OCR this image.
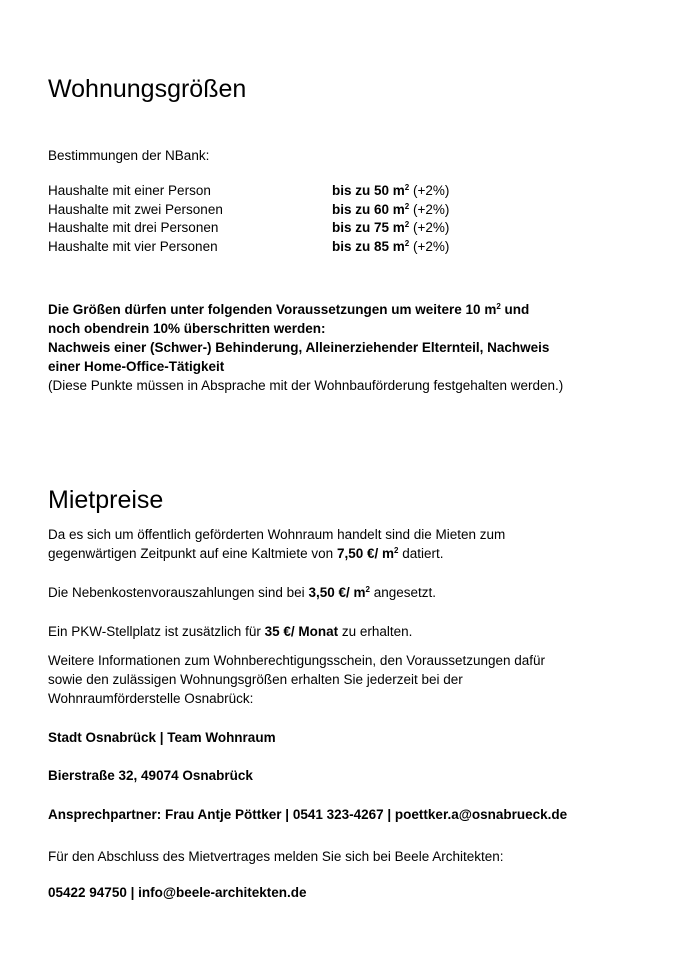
Wohnungsgrößen
Bestimmungen der NBank:
Haushalte mit einer Person	bis zu 50 $m^2$ (+2%)
Haushalte mit zwei Personen	bis zu 60 $m^2$ (+2%)
Haushalte mit drei Personen	bis zu 75 $m^2$ (+2%)
Haushalte mit vier Personen	bis zu 85 $m^2$ (+2%)
Die Größen dürfen unter folgenden Voraussetzungen um weitere 10 $m^2$ und
noch obendrein 10% überschritten werden:
Nachweis einer (Schwer-) Behinderung, Alleinerziehender Elternteil, Nachweis
einer Home-Office-Tätigkeit
(Diese Punkte müssen in Absprache mit der Wohnbauförderung festgehalten werden.)
Mietpreise
Da es sich um öffentlich geförderten Wohnraum handelt sind die Mieten zum
gegenwärtigen Zeitpunkt auf eine Kaltmiete von 7,50 €/ $m^2$ datiert.
Die Nebenkostenvorauszahlungen sind bei 3,50 €/ $m^2$ angesetzt.
Ein PKW-Stellplatz ist zusätzlich für 35 €/ Monat zu erhalten.
Weitere Informationen zum Wohnberechtigungsschein, den Voraussetzungen dafür
sowie den zulässigen Wohnungsgrößen erhalten Sie jederzeit bei der
Wohnraumförderstelle Osnabrück:
Stadt Osnabrück | Team Wohnraum
Bierstraße 32, 49074 Osnabrück
Ansprechpartner: Frau Antje Pöttker | 0541 323-4267 | poettker.a@osnabrueck.de
Für den Abschluss des Mietvertrages melden Sie sich bei Beele Architekten:
05422 94750 | info@beele-architekten.de
